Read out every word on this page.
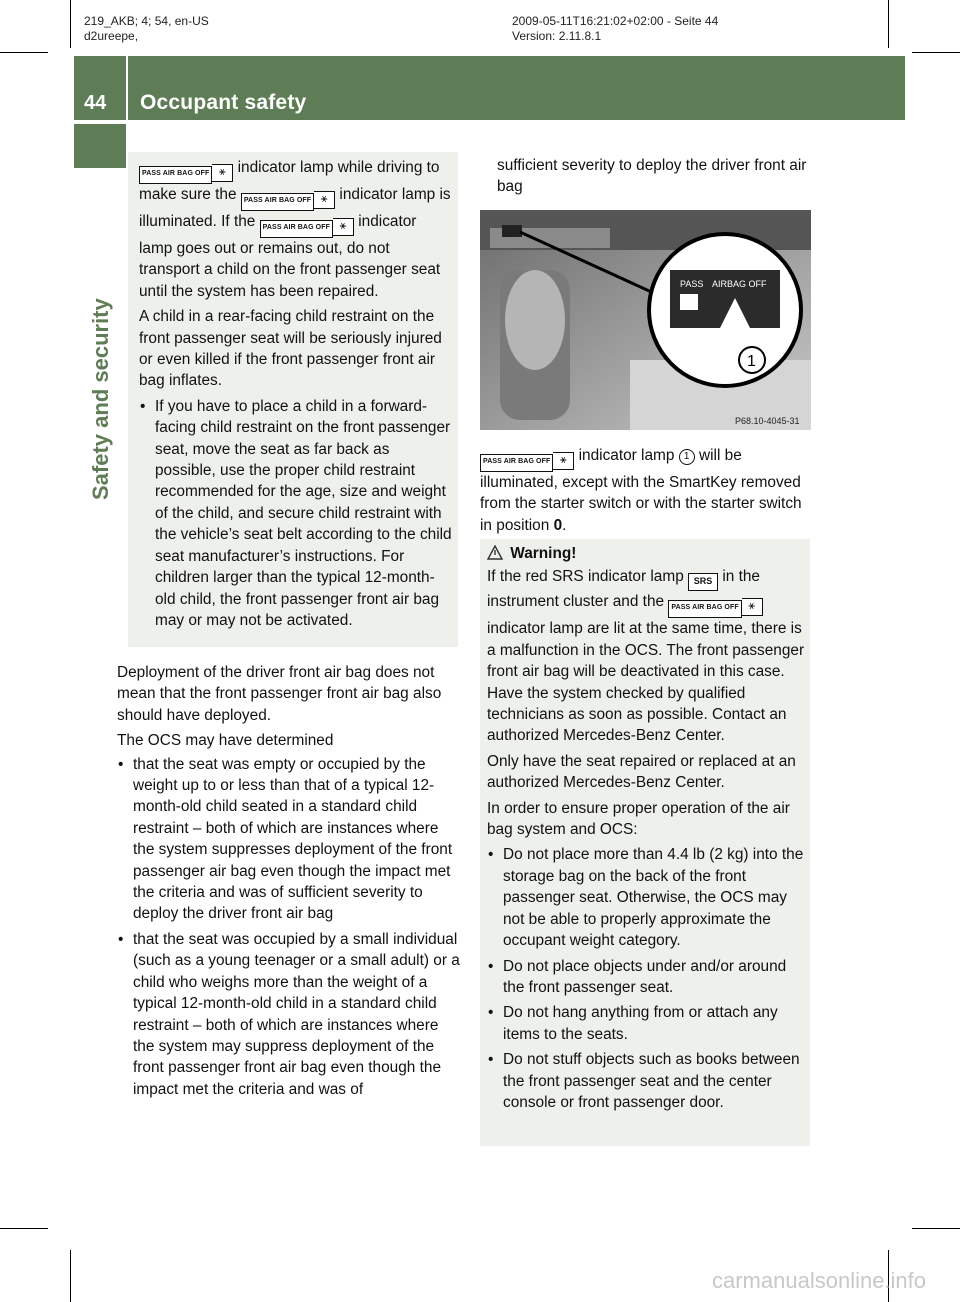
219_AKB; 4; 54, en-US
d2ureepe,
2009-05-11T16:21:02+02:00 - Seite 44
Version: 2.11.8.1
44 Occupant safety
Safety and security

PASS AIR BAG OFF ⚹ indicator lamp while driving to make sure the PASS AIR BAG OFF ⚹ indicator lamp is illuminated. If the PASS AIR BAG OFF ⚹ indicator lamp goes out or remains out, do not transport a child on the front passenger seat until the system has been repaired.

A child in a rear-facing child restraint on the front passenger seat will be seriously injured or even killed if the front passenger front air bag inflates.

• If you have to place a child in a forward-facing child restraint on the front passenger seat, move the seat as far back as possible, use the proper child restraint recommended for the age, size and weight of the child, and secure child restraint with the vehicle’s seat belt according to the child seat manufacturer’s instructions. For children larger than the typical 12-month-old child, the front passenger front air bag may or may not be activated.

Deployment of the driver front air bag does not mean that the front passenger front air bag also should have deployed.

The OCS may have determined

• that the seat was empty or occupied by the weight up to or less than that of a typical 12-month-old child seated in a standard child restraint – both of which are instances where the system suppresses deployment of the front passenger air bag even though the impact met the criteria and was of sufficient severity to deploy the driver front air bag
• that the seat was occupied by a small individual (such as a young teenager or a small adult) or a child who weighs more than the weight of a typical 12-month-old child in a standard child restraint – both of which are instances where the system may suppress deployment of the front passenger front air bag even though the impact met the criteria and was of
sufficient severity to deploy the driver front air bag
PASS AIRBAG OFF
1
P68.10-4045-31
PASS AIR BAG OFF ⚹ indicator lamp 1 will be illuminated, except with the SmartKey removed from the starter switch or with the starter switch in position 0.
Warning!

If the red SRS indicator lamp SRS in the instrument cluster and the PASS AIR BAG OFF ⚹ indicator lamp are lit at the same time, there is a malfunction in the OCS. The front passenger front air bag will be deactivated in this case. Have the system checked by qualified technicians as soon as possible. Contact an authorized Mercedes-Benz Center.

Only have the seat repaired or replaced at an authorized Mercedes-Benz Center.

In order to ensure proper operation of the air bag system and OCS:

• Do not place more than 4.4 lb (2 kg) into the storage bag on the back of the front passenger seat. Otherwise, the OCS may not be able to properly approximate the occupant weight category.
• Do not place objects under and/or around the front passenger seat.
• Do not hang anything from or attach any items to the seats.
• Do not stuff objects such as books between the front passenger seat and the center console or front passenger door.
carmanualsonline.info
